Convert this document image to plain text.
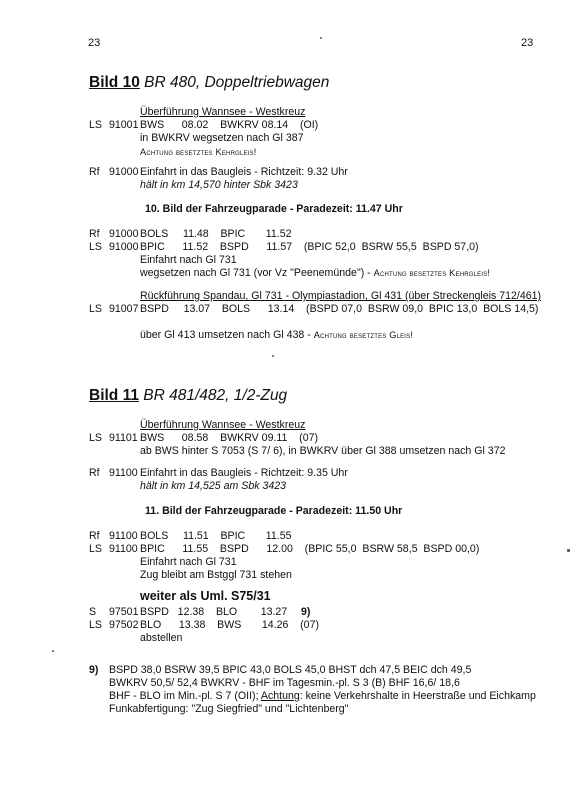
23	23
Bild 10 BR 480, Doppeltriebwagen
Überführung Wannsee - Westkreuz
LS 91001 BWS      08.02    BWKRV 08.14    (OI)
in BWKRV wegsetzen nach Gl 387
Achtung besetztes Kehrgleis!
Rf 91000 Einfahrt in das Baugleis - Richtzeit: 9.32 Uhr
hält in km 14,570 hinter Sbk 3423
10. Bild der Fahrzeugparade - Paradezeit: 11.47 Uhr
Rf 91000 BOLS     11.48    BPIC       11.52
LS 91000 BPIC      11.52    BSPD      11.57    (BPIC 52,0  BSRW 55,5  BSPD 57,0)
Einfahrt nach Gl 731
wegsetzen nach Gl 731 (vor Vz "Peenemünde") - Achtung besetztes Kehrgleis!
Rückführung Spandau, Gl 731 - Olympiastadion, Gl 431 (über Streckengleis 712/461)
LS 91007 BSPD     13.07    BOLS      13.14    (BSPD 07,0  BSRW 09,0  BPIC 13,0  BOLS 14,5)
über Gl 413 umsetzen nach Gl 438 - Achtung besetztes Gleis!
Bild 11 BR 481/482, 1/2-Zug
Überführung Wannsee - Westkreuz
LS 91101 BWS      08.58    BWKRV 09.11    (07)
ab BWS hinter S 7053 (S 7/ 6), in BWKRV über Gl 388 umsetzen nach Gl 372
Rf 91100 Einfahrt in das Baugleis - Richtzeit: 9.35 Uhr
hält in km 14,525 am Sbk 3423
11. Bild der Fahrzeugparade - Paradezeit: 11.50 Uhr
Rf 91100 BOLS     11.51    BPIC       11.55
LS 91100 BPIC      11.55    BSPD      12.00    (BPIC 55,0  BSRW 58,5  BSPD 00,0)
Einfahrt nach Gl 731
Zug bleibt am Bstggl 731 stehen
weiter als Uml. S75/31
S 97501 BSPD   12.38    BLO        13.27 9)
LS 97502 BLO      13.38    BWS       14.26    (07)
abstellen
9) BSPD 38,0 BSRW 39,5 BPIC 43,0 BOLS 45,0 BHST dch 47,5 BEIC dch 49,5
BWKRV 50,5/ 52,4 BWKRV - BHF im Tagesmin.-pl. S 3 (B) BHF 16,6/ 18,6
BHF - BLO im Min.-pl. S 7 (OII); Achtung: keine Verkehrshalte in Heerstraße und Eichkamp
Funkabfertigung: "Zug Siegfried" und "Lichtenberg"
